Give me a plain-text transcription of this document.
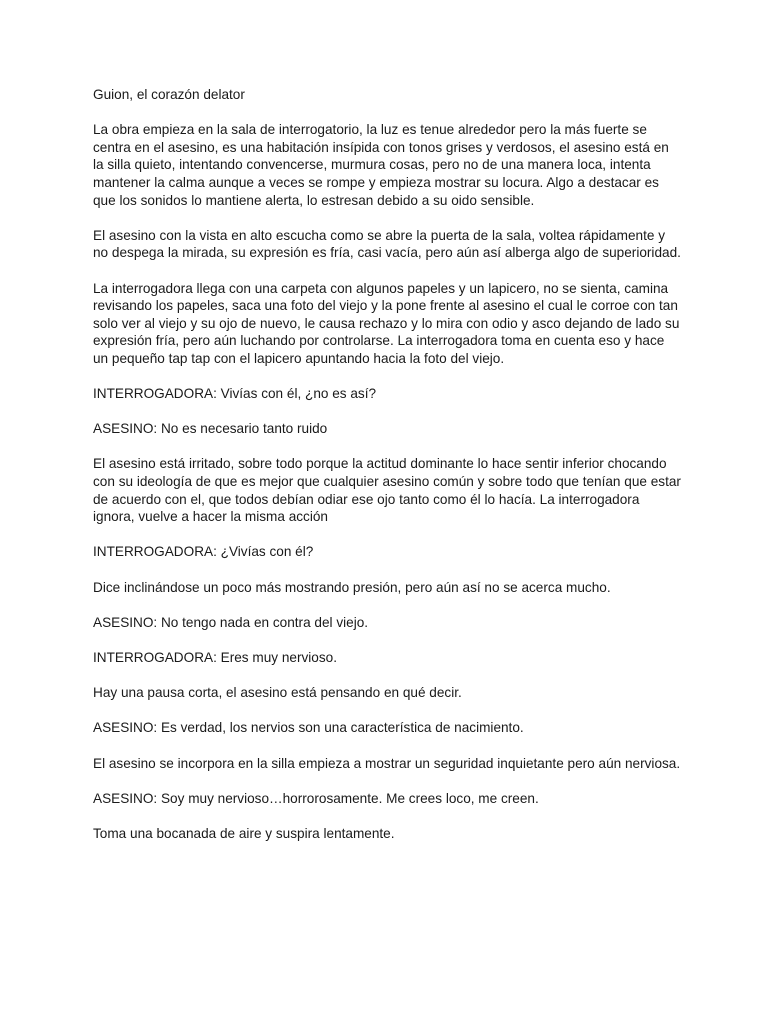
Guion, el corazón delator

La obra empieza en la sala de interrogatorio, la luz es tenue alrededor pero la más fuerte se centra en el asesino, es una habitación insípida con tonos grises y verdosos, el asesino está en la silla quieto, intentando convencerse, murmura cosas, pero no de una manera loca, intenta mantener la calma aunque a veces se rompe y empieza mostrar su locura. Algo a destacar es que los sonidos lo mantiene alerta, lo estresan debido a su oido sensible.

El asesino con la vista en alto escucha como se abre la puerta de la sala, voltea rápidamente y no despega la mirada, su expresión es fría, casi vacía, pero aún así alberga algo de superioridad.

La interrogadora llega con una carpeta con algunos papeles y un lapicero, no se sienta, camina revisando los papeles, saca una foto del viejo y la pone frente al asesino el cual le corroe con tan solo ver al viejo y su ojo de nuevo, le causa rechazo y lo mira con odio y asco dejando de lado su expresión fría, pero aún luchando por controlarse. La interrogadora toma en cuenta eso y hace un pequeño tap tap con el lapicero apuntando hacia la foto del viejo.

INTERROGADORA: Vivías con él, ¿no es así?

ASESINO: No es necesario tanto ruido

El asesino está irritado, sobre todo porque la actitud dominante lo hace sentir inferior chocando con su ideología de que es mejor que cualquier asesino común y sobre todo que tenían que estar de acuerdo con el, que todos debían odiar ese ojo tanto como él lo hacía. La interrogadora ignora, vuelve a hacer la misma acción

INTERROGADORA: ¿Vivías con él?

Dice inclinándose un poco más mostrando presión, pero aún así no se acerca mucho.

ASESINO: No tengo nada en contra del viejo.

INTERROGADORA: Eres muy nervioso.

Hay una pausa corta, el asesino está pensando en qué decir.

ASESINO: Es verdad, los nervios son una característica de nacimiento.

El asesino se incorpora en la silla empieza a mostrar un seguridad inquietante pero aún nerviosa.

ASESINO: Soy muy nervioso…horrorosamente. Me crees loco, me creen.

Toma una bocanada de aire y suspira lentamente.
